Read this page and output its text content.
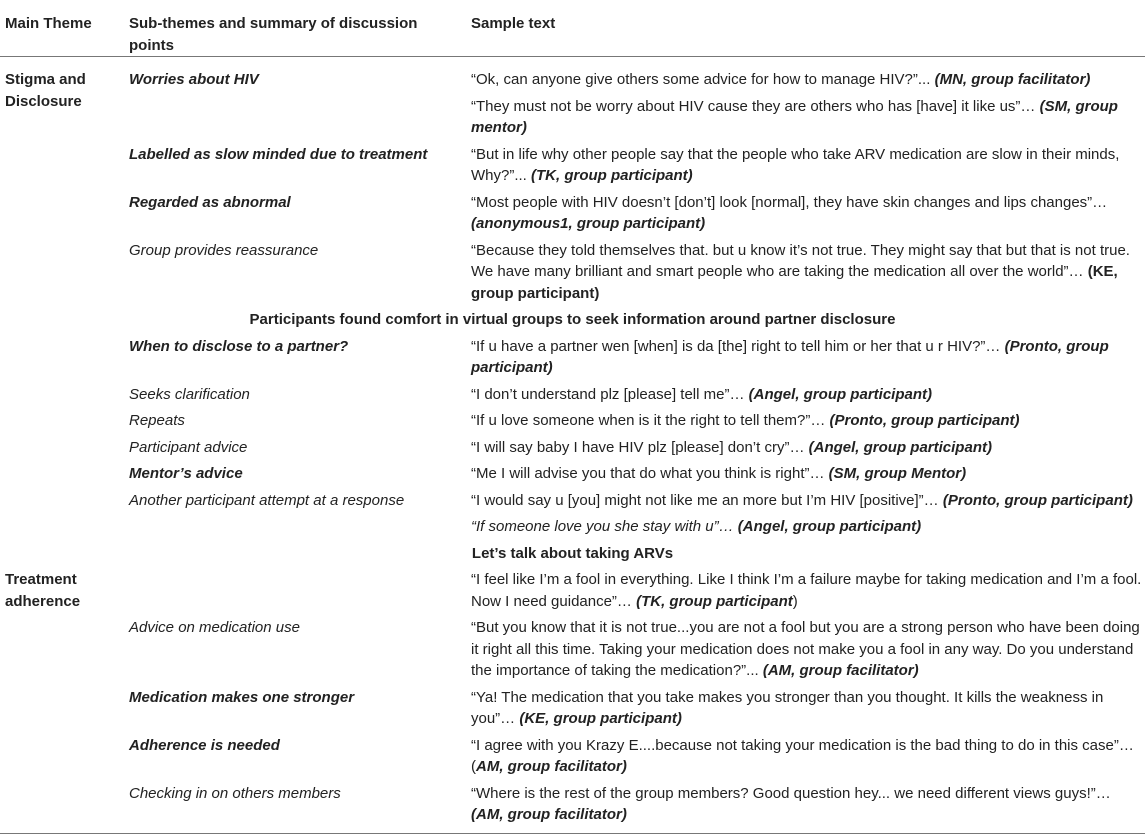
Main Theme	Sub-themes and summary of discussion points	Sample text
Stigma and Disclosure	Worries about HIV	“Ok, can anyone give others some advice for how to manage HIV?”... (MN, group facilitator)
		“They must not be worry about HIV cause they are others who has [have] it like us”… (SM, group mentor)
	Labelled as slow minded due to treatment	“But in life why other people say that the people who take ARV medication are slow in their minds, Why?”... (TK, group participant)
	Regarded as abnormal	“Most people with HIV doesn’t [don’t] look [normal], they have skin changes and lips changes”… (anonymous1, group participant)
	Group provides reassurance	“Because they told themselves that. but u know it’s not true. They might say that but that is not true. We have many brilliant and smart people who are taking the medication all over the world”… (KE, group participant)
Participants found comfort in virtual groups to seek information around partner disclosure		
	When to disclose to a partner?	“If u have a partner wen [when] is da [the] right to tell him or her that u r HIV?”… (Pronto, group participant)
	Seeks clarification	“I don’t understand plz [please] tell me”… (Angel, group participant)
	Repeats	“If u love someone when is it the right to tell them?”… (Pronto, group participant)
	Participant advice	“I will say baby I have HIV plz [please] don’t cry”… (Angel, group participant)
	Mentor’s advice	“Me I will advise you that do what you think is right”… (SM, group Mentor)
	Another participant attempt at a response	“I would say u [you] might not like me an more but I’m HIV [positive]”… (Pronto, group participant)
		“If someone love you she stay with u”… (Angel, group participant)
Let’s talk about taking ARVs		
Treatment adherence		“I feel like I’m a fool in everything. Like I think I’m a failure maybe for taking medication and I’m a fool. Now I need guidance”… (TK, group participant)
	Advice on medication use	“But you know that it is not true...you are not a fool but you are a strong person who have been doing it right all this time. Taking your medication does not make you a fool in any way. Do you understand the importance of taking the medication?”... (AM, group facilitator)
	Medication makes one stronger	“Ya! The medication that you take makes you stronger than you thought. It kills the weakness in you”… (KE, group participant)
	Adherence is needed	“I agree with you Krazy E....because not taking your medication is the bad thing to do in this case”… (AM, group facilitator)
	Checking in on others members	“Where is the rest of the group members? Good question hey... we need different views guys!”… (AM, group facilitator)
